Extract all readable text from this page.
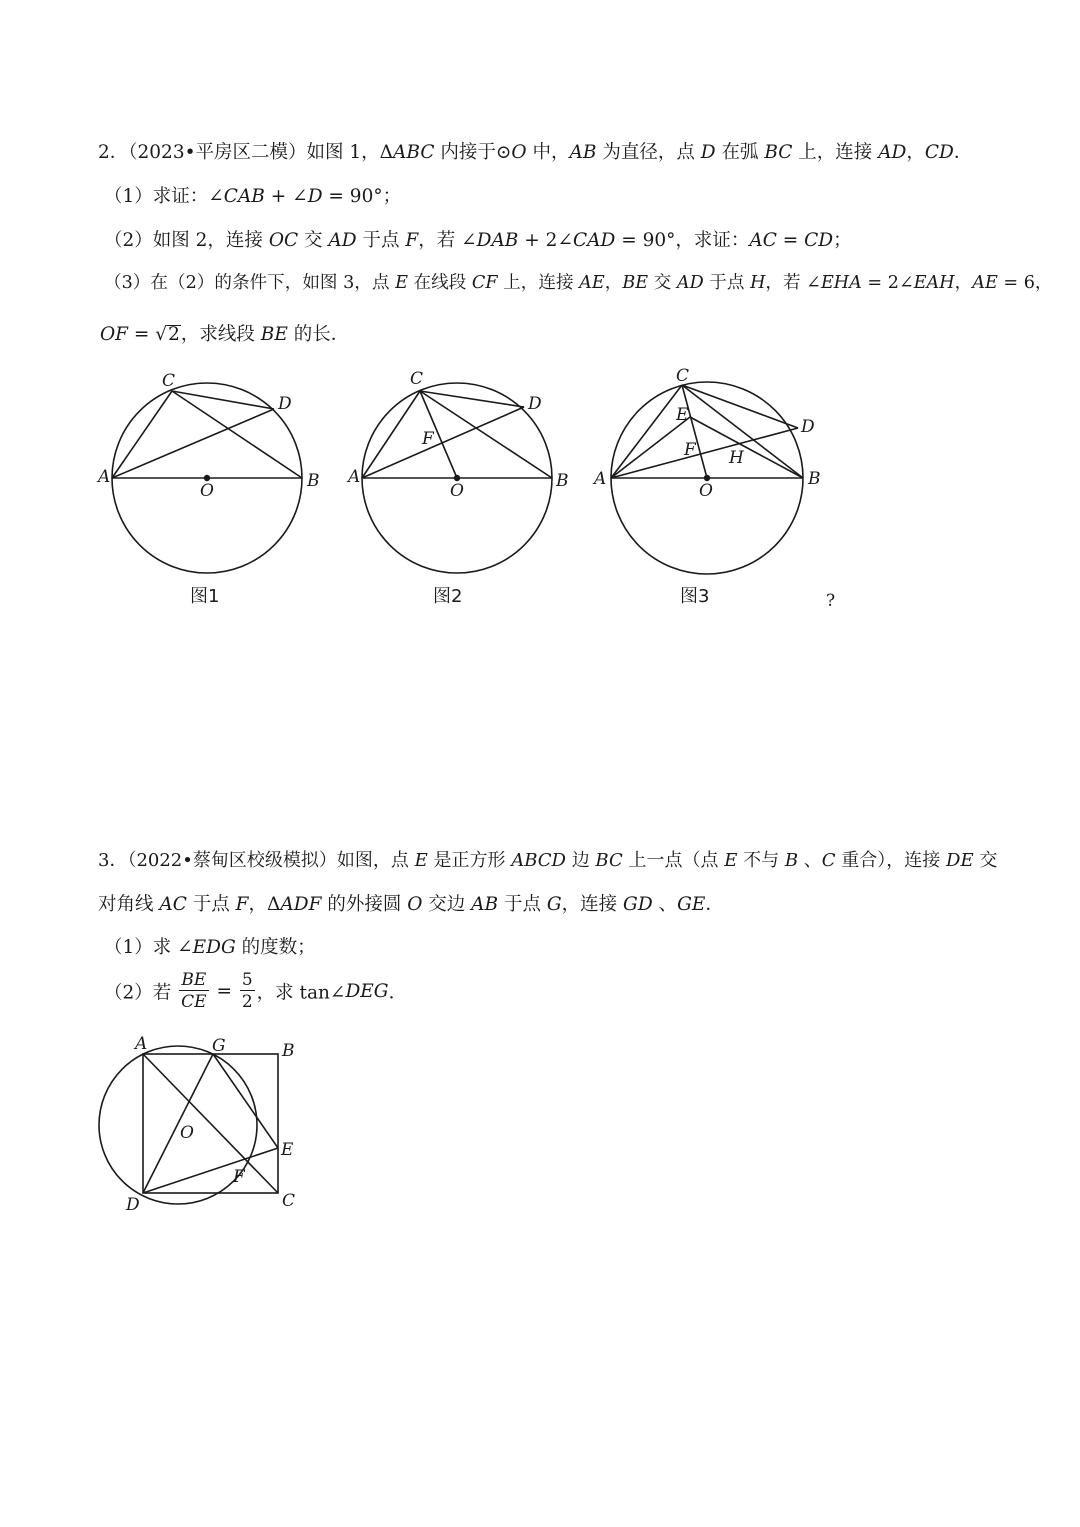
2．（2023•平房区二模）如图 1，ΔABC 内接于⊙O 中，AB 为直径，点 D 在弧 BC 上，连接 AD，CD．
（1）求证：∠CAB + ∠D = 90°；
（2）如图 2，连接 OC 交 AD 于点 F，若 ∠DAB + 2∠CAD = 90°，求证：AC = CD；
（3）在（2）的条件下，如图 3，点 E 在线段 CF 上，连接 AE，BE 交 AD 于点 H，若 ∠EHA = 2∠EAH，AE = 6，
OF = √2，求线段 BE 的长．
C
D
A	B
O
图1
C
D
F
A	B
O
图2
C
E
F H
D
A	B
O
图3	?
3．（2022•蔡甸区校级模拟）如图，点 E 是正方形 ABCD 边 BC 上一点（点 E 不与 B 、C 重合），连接 DE 交
对角线 AC 于点 F，ΔADF 的外接圆 O 交边 AB 于点 G，连接 GD 、GE．
（1）求 ∠EDG 的度数；
（2）若 $\frac{BE}{CE} = \frac{5}{2}$ ，求 tan∠DEG．
A	G	B
O
E
F
D	C
